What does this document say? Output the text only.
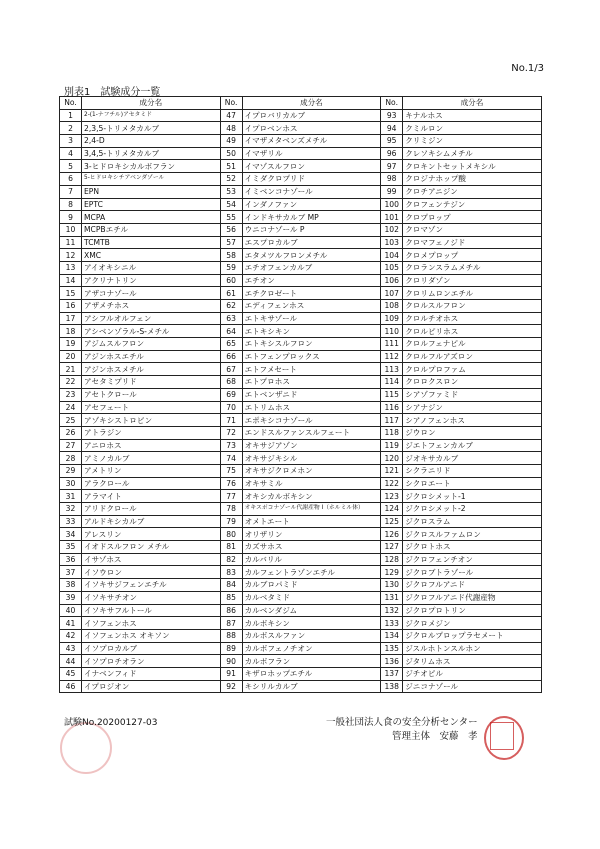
No.1/3
別表1　試験成分一覧
No.	成分名	No.	成分名	No.	成分名
1	2-(1-ナフチル)アセタミド	47	イプロバリカルブ	93	キナルホス
2	2,3,5-トリメタカルブ	48	イプロベンホス	94	クミルロン
3	2,4-D	49	イマザメタベンズメチル	95	クリミジン
4	3,4,5-トリメタカルブ	50	イマザリル	96	クレソキシムメチル
5	3-ヒドロキシカルボフラン	51	イマゾスルフロン	97	クロキントセットメキシル
6	5-ヒドロキシチアベンダゾール	52	イミダクロプリド	98	クロジナホップ酸
7	EPN	53	イミベンコナゾール	99	クロチアニジン
8	EPTC	54	インダノファン	100	クロフェンテジン
9	MCPA	55	インドキサカルブ MP	101	クロプロップ
10	MCPBエチル	56	ウニコナゾール P	102	クロマゾン
11	TCMTB	57	エスプロカルブ	103	クロマフェノジド
12	XMC	58	エタメツルフロンメチル	104	クロメプロップ
13	アイオキシニル	59	エチオフェンカルブ	105	クロランスラムメチル
14	アクリナトリン	60	エチオン	106	クロリダゾン
15	アザコナゾール	61	エチクロゼート	107	クロリムロンエチル
16	アザメチホス	62	エディフェンホス	108	クロルスルフロン
17	アシフルオルフェン	63	エトキサゾール	109	クロルチオホス
18	アシベンゾラル-S-メチル	64	エトキシキン	110	クロルピリホス
19	アジムスルフロン	65	エトキシスルフロン	111	クロルフェナピル
20	アジンホスエチル	66	エトフェンプロックス	112	クロルフルアズロン
21	アジンホスメチル	67	エトフメセート	113	クロルプロファム
22	アセタミプリド	68	エトプロホス	114	クロロクスロン
23	アセトクロール	69	エトベンザニド	115	シアゾファミド
24	アセフェート	70	エトリムホス	116	シアナジン
25	アゾキシストロビン	71	エポキシコナゾール	117	シアノフェンホス
26	アトラジン	72	エンドスルファンスルフェート	118	ジウロン
27	アニロホス	73	オキサジアゾン	119	ジエトフェンカルブ
28	アミノカルブ	74	オキサジキシル	120	ジオキサカルブ
29	アメトリン	75	オキサジクロメホン	121	シクラニリド
30	アラクロール	76	オキサミル	122	シクロエート
31	アラマイト	77	オキシカルボキシン	123	ジクロシメット-1
32	アリドクロール	78	オキスポコナゾール代謝産物 I（ホルミル体）	124	ジクロシメット-2
33	アルドキシカルブ	79	オメトエート	125	ジクロスラム
34	アレスリン	80	オリザリン	126	ジクロスルファムロン
35	イオドスルフロン メチル	81	カズサホス	127	ジクロトホス
36	イサゾホス	82	カルバリル	128	ジクロフェンチオン
37	イソウロン	83	カルフェントラゾンエチル	129	ジクロブトラゾール
38	イソキサジフェンエチル	84	カルブロパミド	130	ジクロフルアニド
39	イソキサチオン	85	カルベタミド	131	ジクロフルアニド代謝産物
40	イソキサフルトール	86	カルベンダジム	132	ジクロプロトリン
41	イソフェンホス	87	カルボキシン	133	ジクロメジン
42	イソフェンホス オキソン	88	カルボスルファン	134	ジクロルプロップラセメート
43	イソプロカルブ	89	カルボフェノチオン	135	ジスルホトンスルホン
44	イソプロチオラン	90	カルボフラン	136	ジタリムホス
45	イナベンフィド	91	キザロホップエチル	137	ジチオピル
46	イプロジオン	92	キシリルカルブ	138	ジニコナゾール
試験No.20200127-03	一般社団法人食の安全分析センター
管理主体　安藤　孝
